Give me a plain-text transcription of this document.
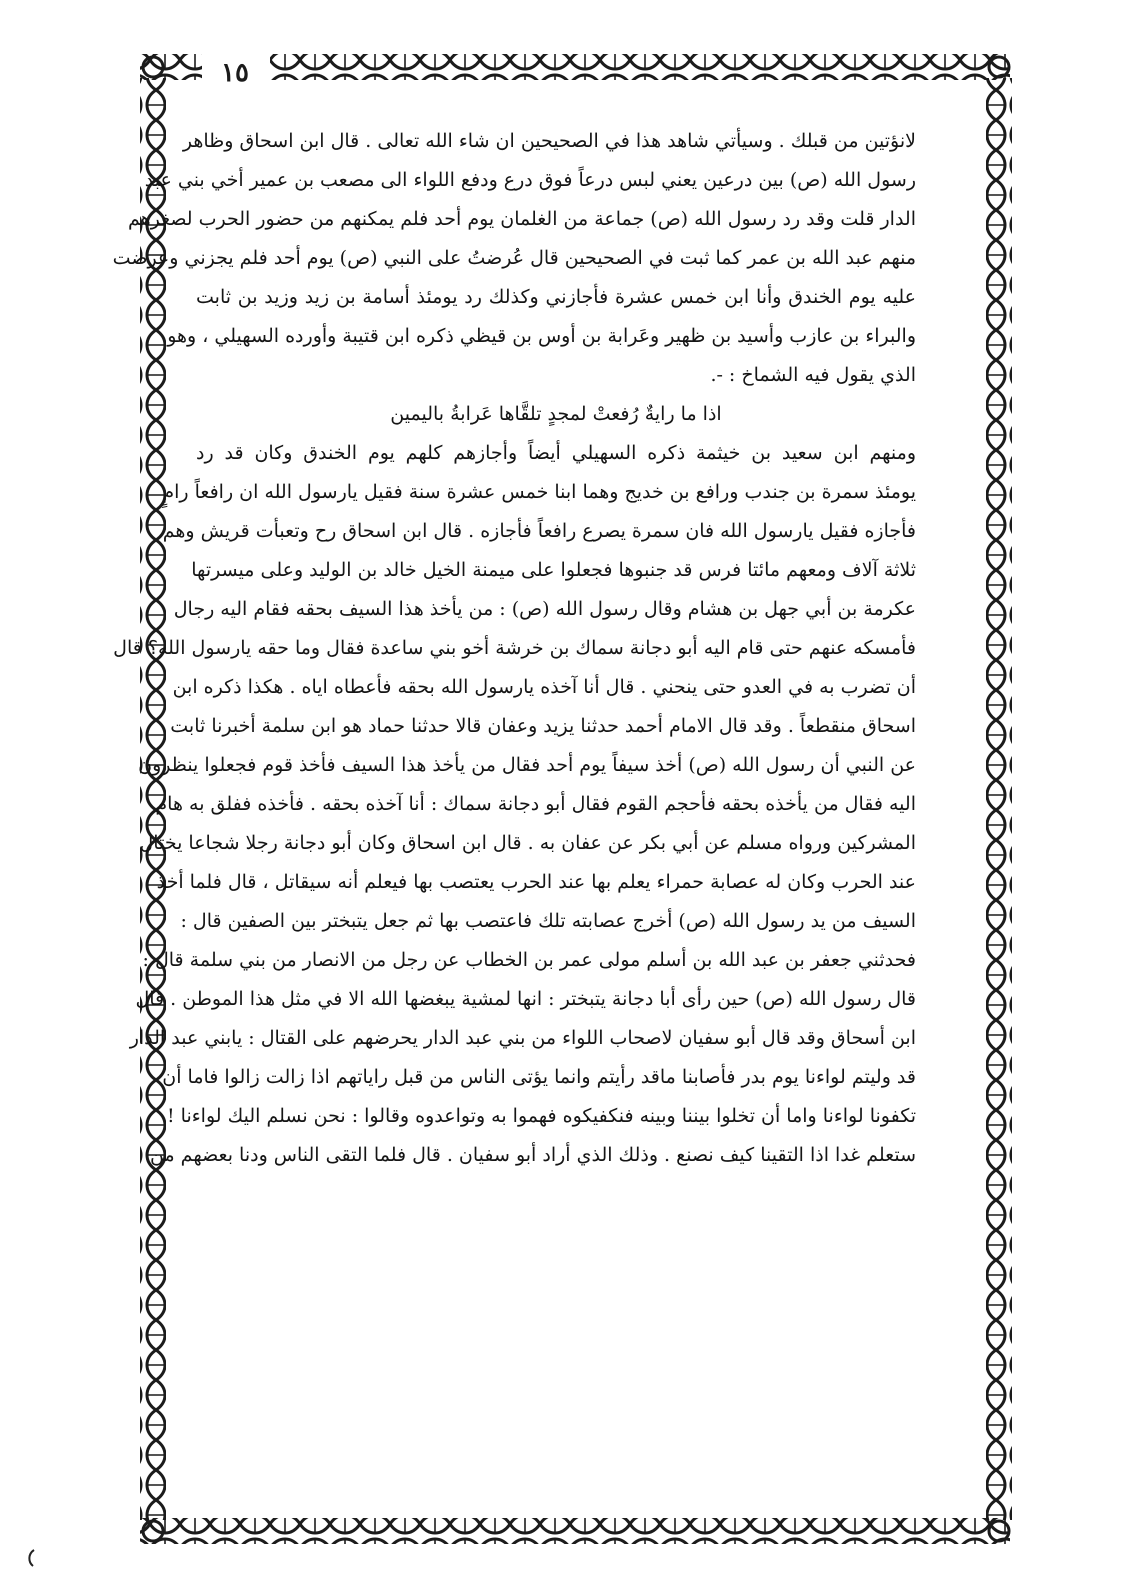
١٥
لانؤتين من قبلك . وسيأتي شاهد هذا في الصحيحين ان شاء الله تعالى . قال ابن اسحاق وظاهر
رسول الله (ص) بين درعين يعني لبس درعاً فوق درع ودفع اللواء الى مصعب بن عمير أخي بني عبد
الدار قلت وقد رد رسول الله (ص) جماعة من الغلمان يوم أحد فلم يمكنهم من حضور الحرب لصغرهم
منهم عبد الله بن عمر كما ثبت في الصحيحين قال عُرضتُ على النبي (ص) يوم أحد فلم يجزني وعرضت
عليه يوم الخندق وأنا ابن خمس عشرة فأجازني وكذلك رد يومئذ أسامة بن زيد وزيد بن ثابت
والبراء بن عازب وأسيد بن ظهير وعَرابة بن أوس بن قيظي ذكره ابن قتيبة وأورده السهيلي ، وهو
الذي يقول فيه الشماخ : -.
اذا ما رايةٌ رُفعتْ لمجدٍ تلقَّاها عَرابةُ باليمين
ومنهم ابن سعيد بن خيثمة ذكره السهيلي أيضاً وأجازهم كلهم يوم الخندق وكان قد رد
يومئذ سمرة بن جندب ورافع بن خديج وهما ابنا خمس عشرة سنة فقيل يارسول الله ان رافعاً رامٍ
فأجازه فقيل يارسول الله فان سمرة يصرع رافعاً فأجازه . قال ابن اسحاق رح وتعبأت قريش وهم
ثلاثة آلاف ومعهم مائتا فرس قد جنبوها فجعلوا على ميمنة الخيل خالد بن الوليد وعلى ميسرتها
عكرمة بن أبي جهل بن هشام وقال رسول الله (ص) : من يأخذ هذا السيف بحقه فقام اليه رجال
فأمسكه عنهم حتى قام اليه أبو دجانة سماك بن خرشة أخو بني ساعدة فقال وما حقه يارسول الله؟ قال
أن تضرب به في العدو حتى ينحني . قال أنا آخذه يارسول الله بحقه فأعطاه اياه . هكذا ذكره ابن
اسحاق منقطعاً . وقد قال الامام أحمد حدثنا يزيد وعفان قالا حدثنا حماد هو ابن سلمة أخبرنا ثابت
عن النبي أن رسول الله (ص) أخذ سيفاً يوم أحد فقال من يأخذ هذا السيف فأخذ قوم فجعلوا ينظرون
اليه فقال من يأخذه بحقه فأحجم القوم فقال أبو دجانة سماك : أنا آخذه بحقه . فأخذه ففلق به هام
المشركين ورواه مسلم عن أبي بكر عن عفان به . قال ابن اسحاق وكان أبو دجانة رجلا شجاعا يختال
عند الحرب وكان له عصابة حمراء يعلم بها عند الحرب يعتصب بها فيعلم أنه سيقاتل ، قال فلما أخذ
السيف من يد رسول الله (ص) أخرج عصابته تلك فاعتصب بها ثم جعل يتبختر بين الصفين قال :
فحدثني جعفر بن عبد الله بن أسلم مولى عمر بن الخطاب عن رجل من الانصار من بني سلمة قال :
قال رسول الله (ص) حين رأى أبا دجانة يتبختر : انها لمشية يبغضها الله الا في مثل هذا الموطن . قال
ابن أسحاق وقد قال أبو سفيان لاصحاب اللواء من بني عبد الدار يحرضهم على القتال : يابني عبد الدار
قد وليتم لواءنا يوم بدر فأصابنا ماقد رأيتم وانما يؤتى الناس من قبل راياتهم اذا زالت زالوا فاما أن
تكفونا لواءنا واما أن تخلوا بيننا وبينه فنكفيكوه فهموا به وتواعدوه وقالوا : نحن نسلم اليك لواءنا !
ستعلم غدا اذا التقينا كيف نصنع . وذلك الذي أراد أبو سفيان . قال فلما التقى الناس ودنا بعضهم من
